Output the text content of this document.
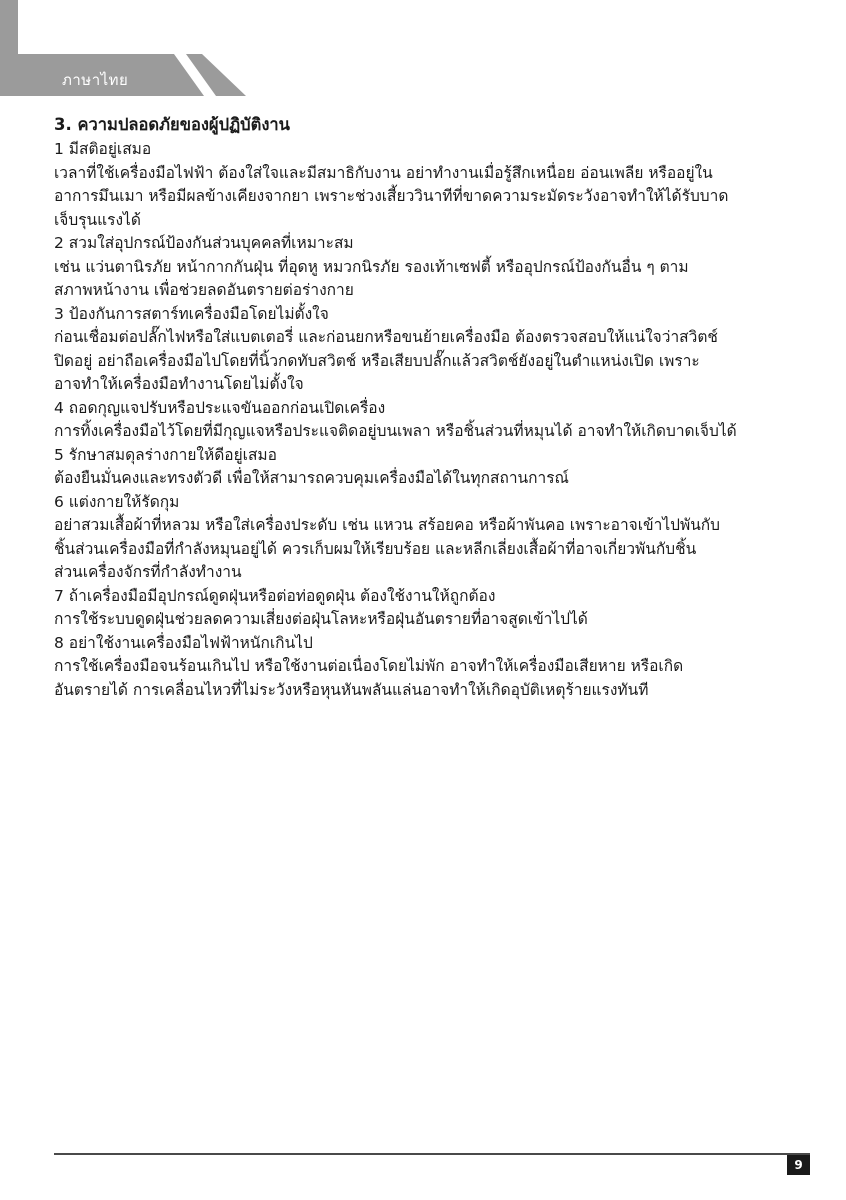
ภาษาไทย
3. ความปลอดภัยของผู้ปฏิบัติงาน

1 มีสติอยู่เสมอ

เวลาที่ใช้เครื่องมือไฟฟ้า ต้องใส่ใจและมีสมาธิกับงาน อย่าทำงานเมื่อรู้สึกเหนื่อย อ่อนเพลีย หรืออยู่ใน
อาการมึนเมา หรือมีผลข้างเคียงจากยา เพราะช่วงเสี้ยววินาทีที่ขาดความระมัดระวังอาจทำให้ได้รับบาด
เจ็บรุนแรงได้

2 สวมใส่อุปกรณ์ป้องกันส่วนบุคคลที่เหมาะสม

เช่น แว่นตานิรภัย หน้ากากกันฝุ่น ที่อุดหู หมวกนิรภัย รองเท้าเซฟตี้ หรืออุปกรณ์ป้องกันอื่น ๆ ตาม
สภาพหน้างาน เพื่อช่วยลดอันตรายต่อร่างกาย

3 ป้องกันการสตาร์ทเครื่องมือโดยไม่ตั้งใจ

ก่อนเชื่อมต่อปลั๊กไฟหรือใส่แบตเตอรี่ และก่อนยกหรือขนย้ายเครื่องมือ ต้องตรวจสอบให้แน่ใจว่าสวิตช์
ปิดอยู่ อย่าถือเครื่องมือไปโดยที่นิ้วกดทับสวิตช์ หรือเสียบปลั๊กแล้วสวิตช์ยังอยู่ในตำแหน่งเปิด เพราะ
อาจทำให้เครื่องมือทำงานโดยไม่ตั้งใจ

4 ถอดกุญแจปรับหรือประแจขันออกก่อนเปิดเครื่อง

การทิ้งเครื่องมือไว้โดยที่มีกุญแจหรือประแจติดอยู่บนเพลา หรือชิ้นส่วนที่หมุนได้ อาจทำให้เกิดบาดเจ็บได้

5 รักษาสมดุลร่างกายให้ดีอยู่เสมอ

ต้องยืนมั่นคงและทรงตัวดี เพื่อให้สามารถควบคุมเครื่องมือได้ในทุกสถานการณ์

6 แต่งกายให้รัดกุม

อย่าสวมเสื้อผ้าที่หลวม หรือใส่เครื่องประดับ เช่น แหวน สร้อยคอ หรือผ้าพันคอ เพราะอาจเข้าไปพันกับ
ชิ้นส่วนเครื่องมือที่กำลังหมุนอยู่ได้ ควรเก็บผมให้เรียบร้อย และหลีกเลี่ยงเสื้อผ้าที่อาจเกี่ยวพันกับชิ้น
ส่วนเครื่องจักรที่กำลังทำงาน

7 ถ้าเครื่องมือมีอุปกรณ์ดูดฝุ่นหรือต่อท่อดูดฝุ่น ต้องใช้งานให้ถูกต้อง

การใช้ระบบดูดฝุ่นช่วยลดความเสี่ยงต่อฝุ่นโลหะหรือฝุ่นอันตรายที่อาจสูดเข้าไปได้

8 อย่าใช้งานเครื่องมือไฟฟ้าหนักเกินไป

การใช้เครื่องมือจนร้อนเกินไป หรือใช้งานต่อเนื่องโดยไม่พัก อาจทำให้เครื่องมือเสียหาย หรือเกิด
อันตรายได้ การเคลื่อนไหวที่ไม่ระวังหรือหุนหันพลันแล่นอาจทำให้เกิดอุบัติเหตุร้ายแรงทันที

9
